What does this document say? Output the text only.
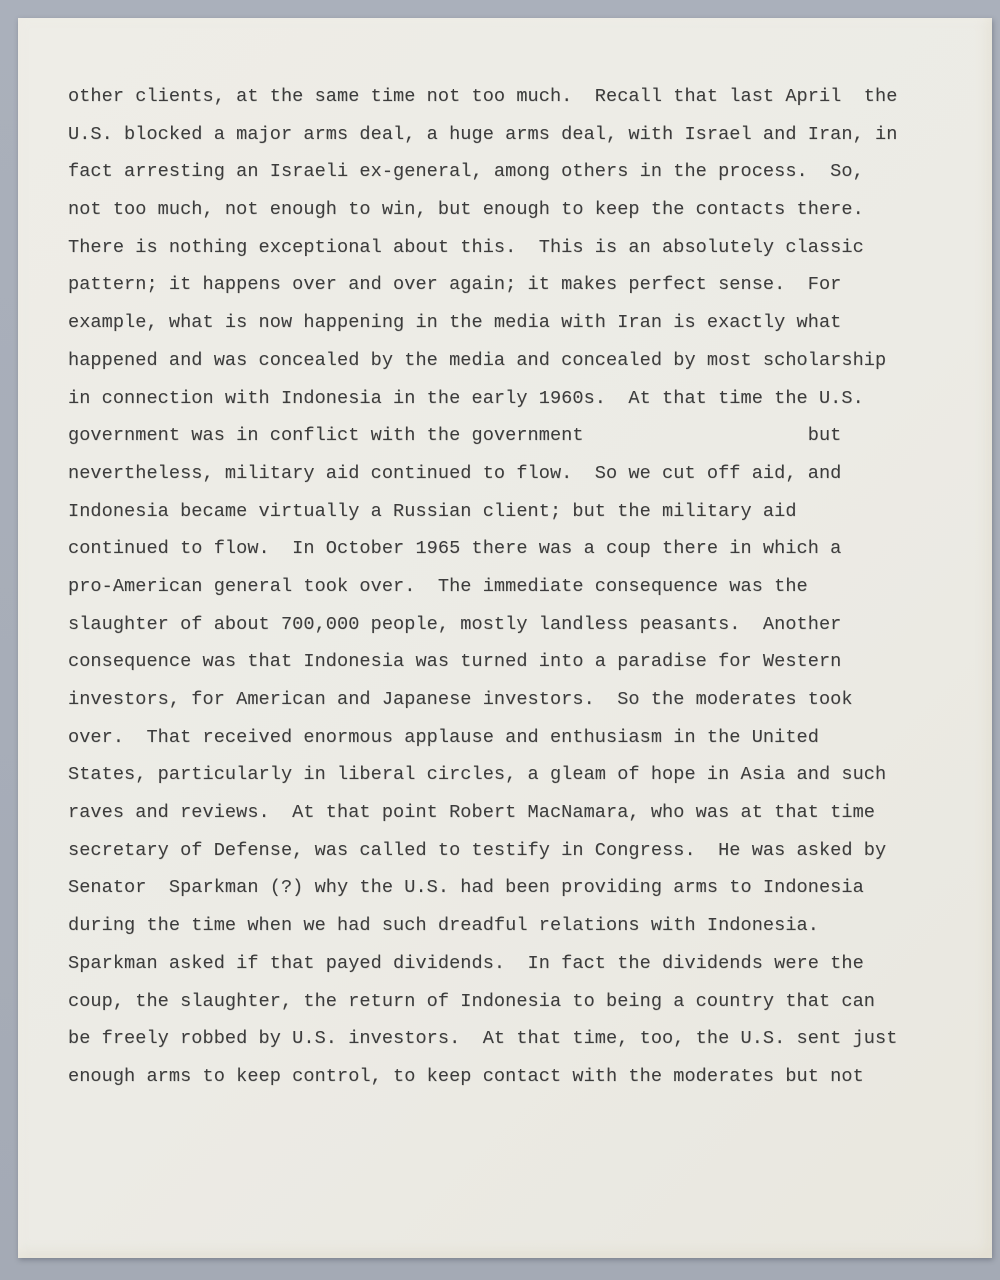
other clients, at the same time not too much.  Recall that last April  the
U.S. blocked a major arms deal, a huge arms deal, with Israel and Iran, in
fact arresting an Israeli ex-general, among others in the process.  So,
not too much, not enough to win, but enough to keep the contacts there.
There is nothing exceptional about this.  This is an absolutely classic
pattern; it happens over and over again; it makes perfect sense.  For
example, what is now happening in the media with Iran is exactly what
happened and was concealed by the media and concealed by most scholarship
in connection with Indonesia in the early 1960s.  At that time the U.S.
government was in conflict with the government                    but
nevertheless, military aid continued to flow.  So we cut off aid, and
Indonesia became virtually a Russian client; but the military aid
continued to flow.  In October 1965 there was a coup there in which a
pro-American general took over.  The immediate consequence was the
slaughter of about 700,000 people, mostly landless peasants.  Another
consequence was that Indonesia was turned into a paradise for Western
investors, for American and Japanese investors.  So the moderates took
over.  That received enormous applause and enthusiasm in the United
States, particularly in liberal circles, a gleam of hope in Asia and such
raves and reviews.  At that point Robert MacNamara, who was at that time
secretary of Defense, was called to testify in Congress.  He was asked by
Senator  Sparkman (?) why the U.S. had been providing arms to Indonesia
during the time when we had such dreadful relations with Indonesia.
Sparkman asked if that payed dividends.  In fact the dividends were the
coup, the slaughter, the return of Indonesia to being a country that can
be freely robbed by U.S. investors.  At that time, too, the U.S. sent just
enough arms to keep control, to keep contact with the moderates but not
